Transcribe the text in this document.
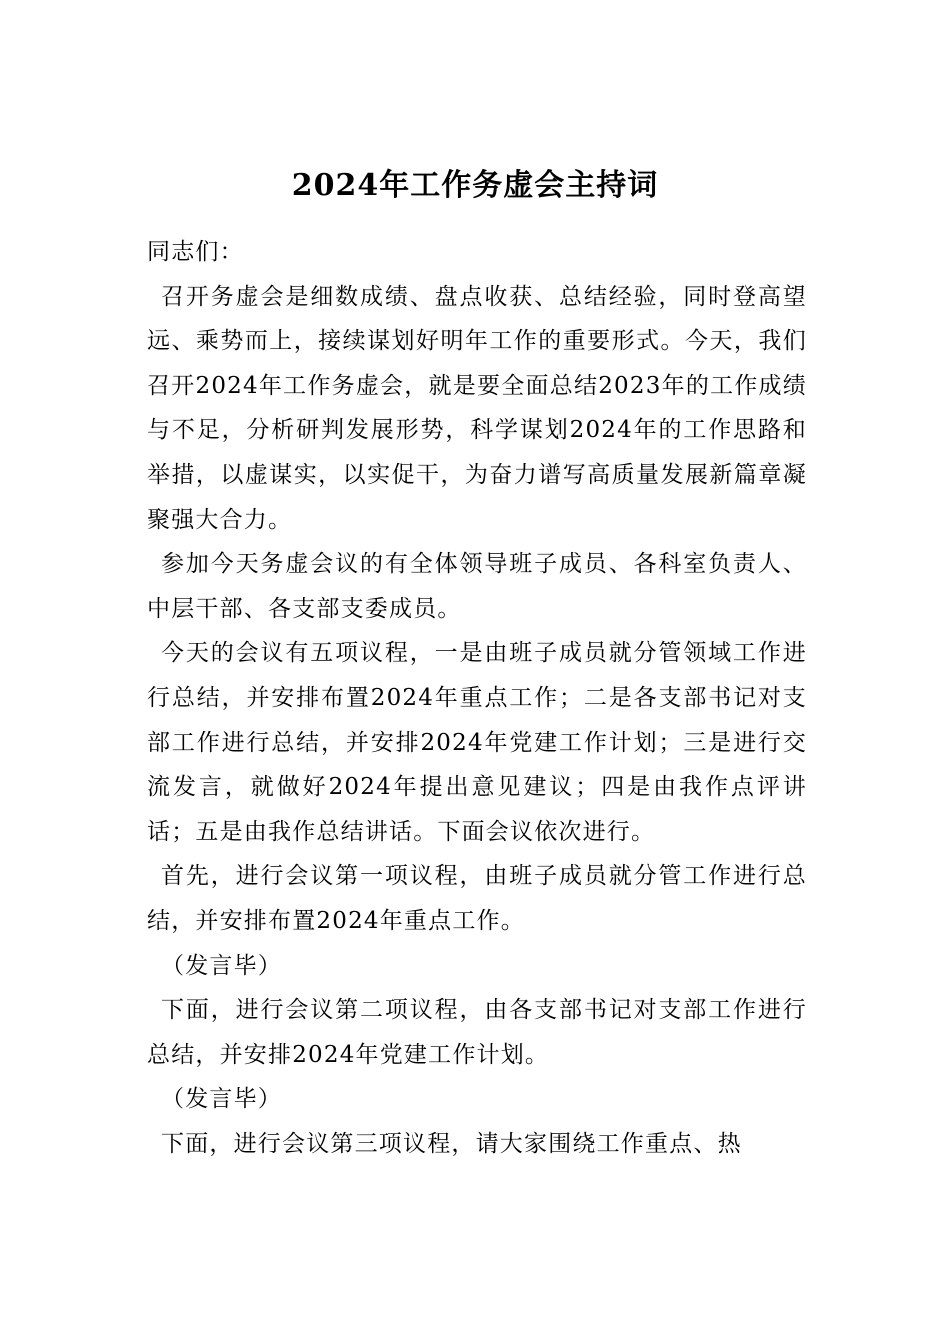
2024年工作务虚会主持词

同志们：

召开务虚会是细数成绩、盘点收获、总结经验，同时登高望远、乘势而上，接续谋划好明年工作的重要形式。今天，我们召开2024年工作务虚会，就是要全面总结2023年的工作成绩与不足，分析研判发展形势，科学谋划2024年的工作思路和举措，以虚谋实，以实促干，为奋力谱写高质量发展新篇章凝聚强大合力。

参加今天务虚会议的有全体领导班子成员、各科室负责人、中层干部、各支部支委成员。

今天的会议有五项议程，一是由班子成员就分管领域工作进行总结，并安排布置2024年重点工作；二是各支部书记对支部工作进行总结，并安排2024年党建工作计划；三是进行交流发言，就做好2024年提出意见建议；四是由我作点评讲话；五是由我作总结讲话。下面会议依次进行。

首先，进行会议第一项议程，由班子成员就分管工作进行总结，并安排布置2024年重点工作。

（发言毕）

下面，进行会议第二项议程，由各支部书记对支部工作进行总结，并安排2024年党建工作计划。

（发言毕）

下面，进行会议第三项议程，请大家围绕工作重点、热
